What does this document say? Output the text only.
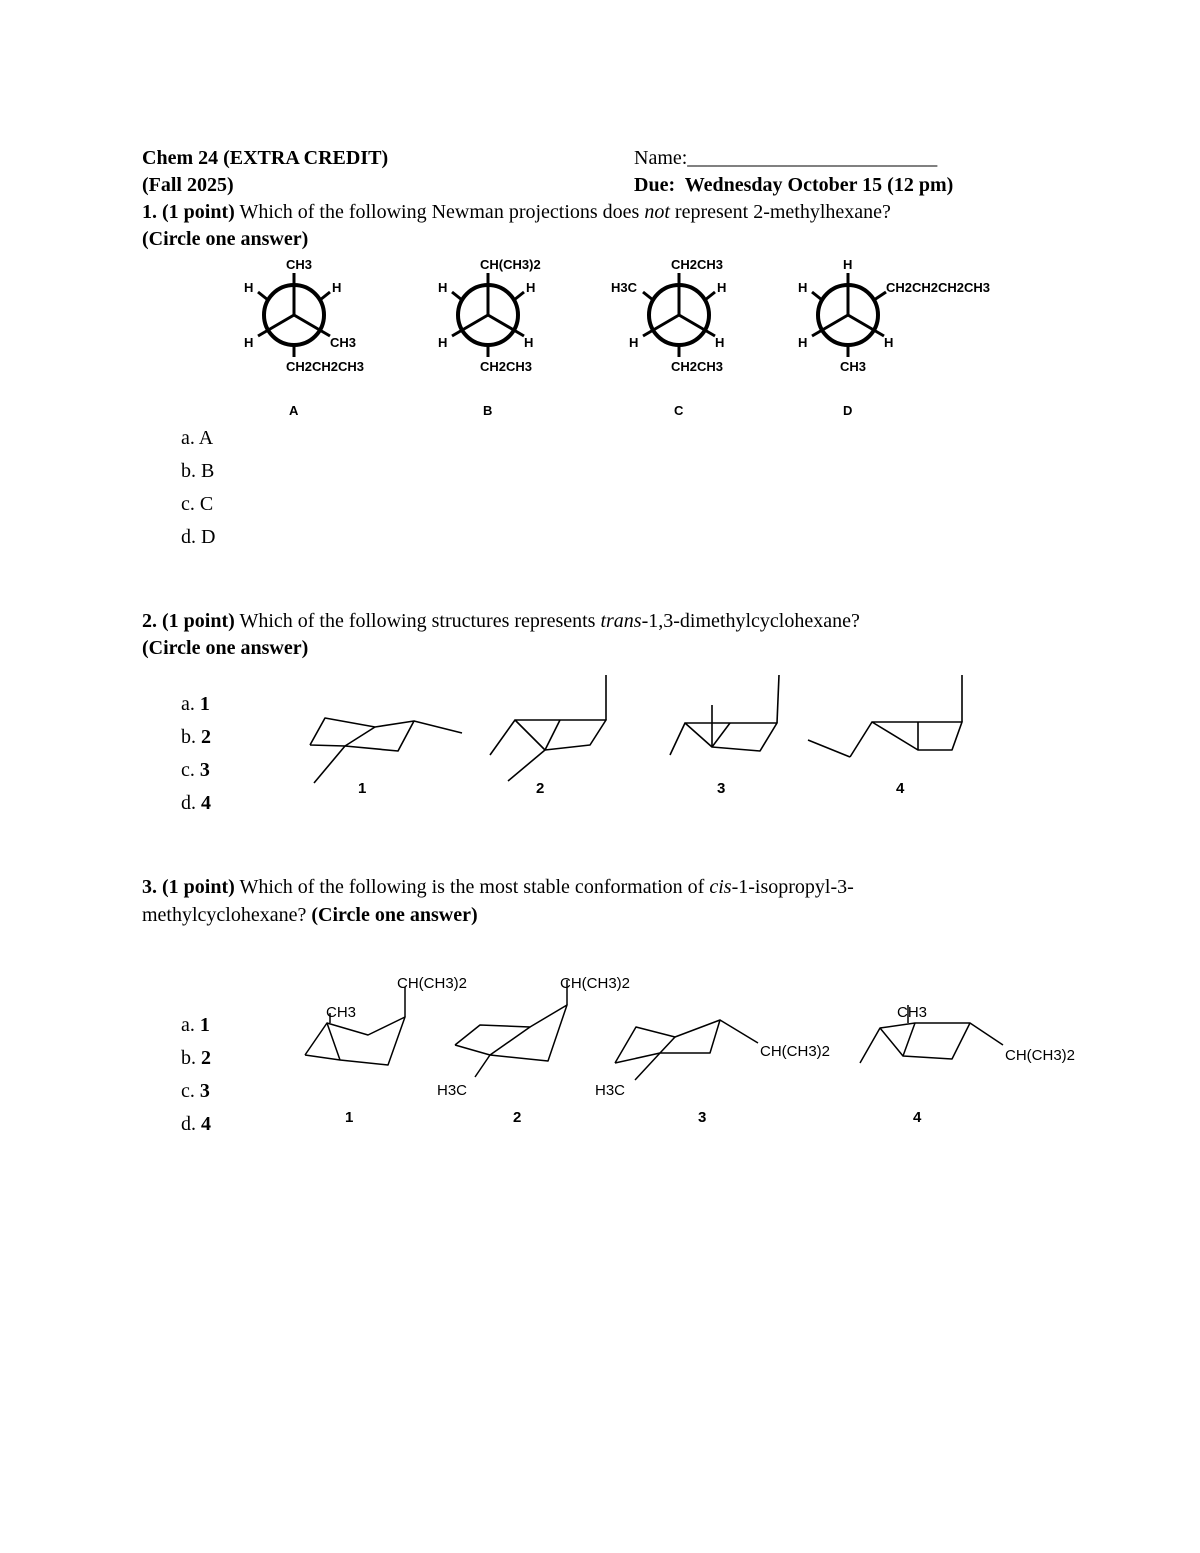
Chem 24 (EXTRA CREDIT)	Name:_________________________
(Fall 2025)	Due: Wednesday October 15 (12 pm)
1. (1 point) Which of the following Newman projections does not represent 2-methylhexane?
(Circle one answer)
CH3
H	H
H	CH3
CH2CH2CH3
A
CH(CH3)2
H	H
H	H
CH2CH3
B
CH2CH3
H3C	H
H	H
CH2CH3
C
H
H	CH2CH2CH2CH3
H	H
CH3
D
a. A
b. B
c. C
d. D
2. (1 point) Which of the following structures represents trans-1,3-dimethylcyclohexane?
(Circle one answer)
1	2	3	4
a. 1
b. 2
c. 3
d. 4
3. (1 point) Which of the following is the most stable conformation of cis-1-isopropyl-3-
methylcyclohexane? (Circle one answer)
CH3
CH(CH3)2
H3C
CH(CH3)2
H3C
CH(CH3)2
CH3
CH(CH3)2
1	2	3	4
a. 1
b. 2
c. 3
d. 4
